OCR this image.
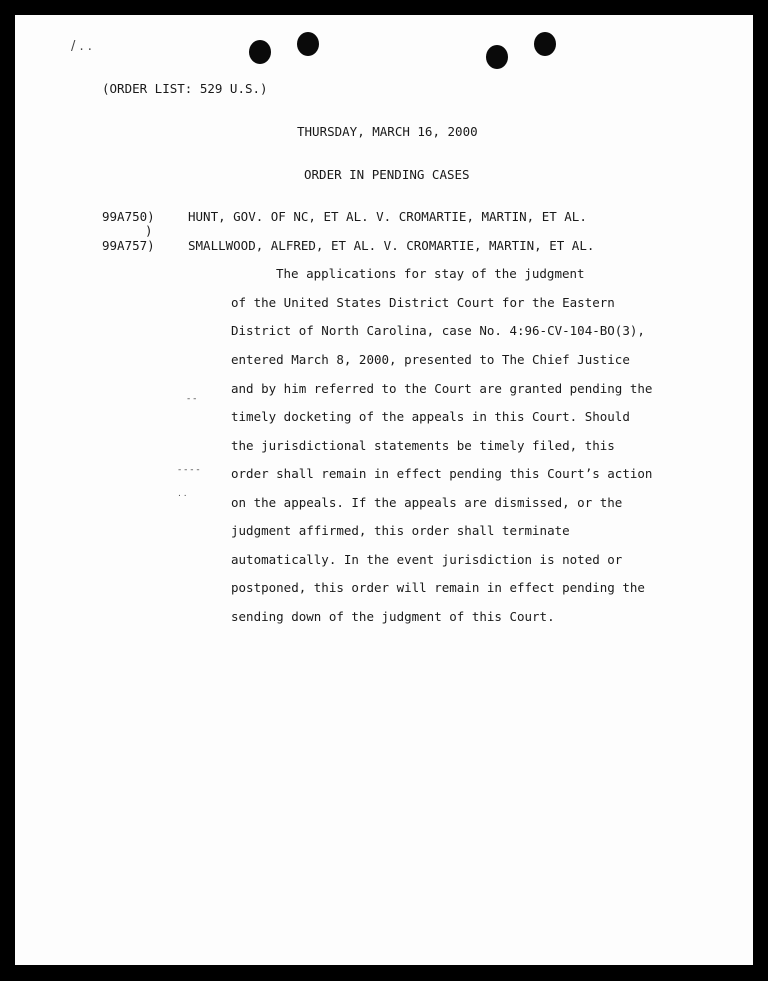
/ . .
- -
- - - -
. .
(ORDER LIST: 529 U.S.)
THURSDAY, MARCH 16, 2000
ORDER IN PENDING CASES
99A750)	HUNT, GOV. OF NC, ET AL. V. CROMARTIE, MARTIN, ET AL.
)
99A757)	SMALLWOOD, ALFRED, ET AL. V. CROMARTIE, MARTIN, ET AL.
The applications for stay of the judgment
of the United States District Court for the Eastern
District of North Carolina, case No. 4:96-CV-104-BO(3),
entered March 8, 2000, presented to The Chief Justice
and by him referred to the Court are granted pending the
timely docketing of the appeals in this Court. Should
the jurisdictional statements be timely filed, this
order shall remain in effect pending this Court’s action
on the appeals. If the appeals are dismissed, or the
judgment affirmed, this order shall terminate
automatically. In the event jurisdiction is noted or
postponed, this order will remain in effect pending the
sending down of the judgment of this Court.
